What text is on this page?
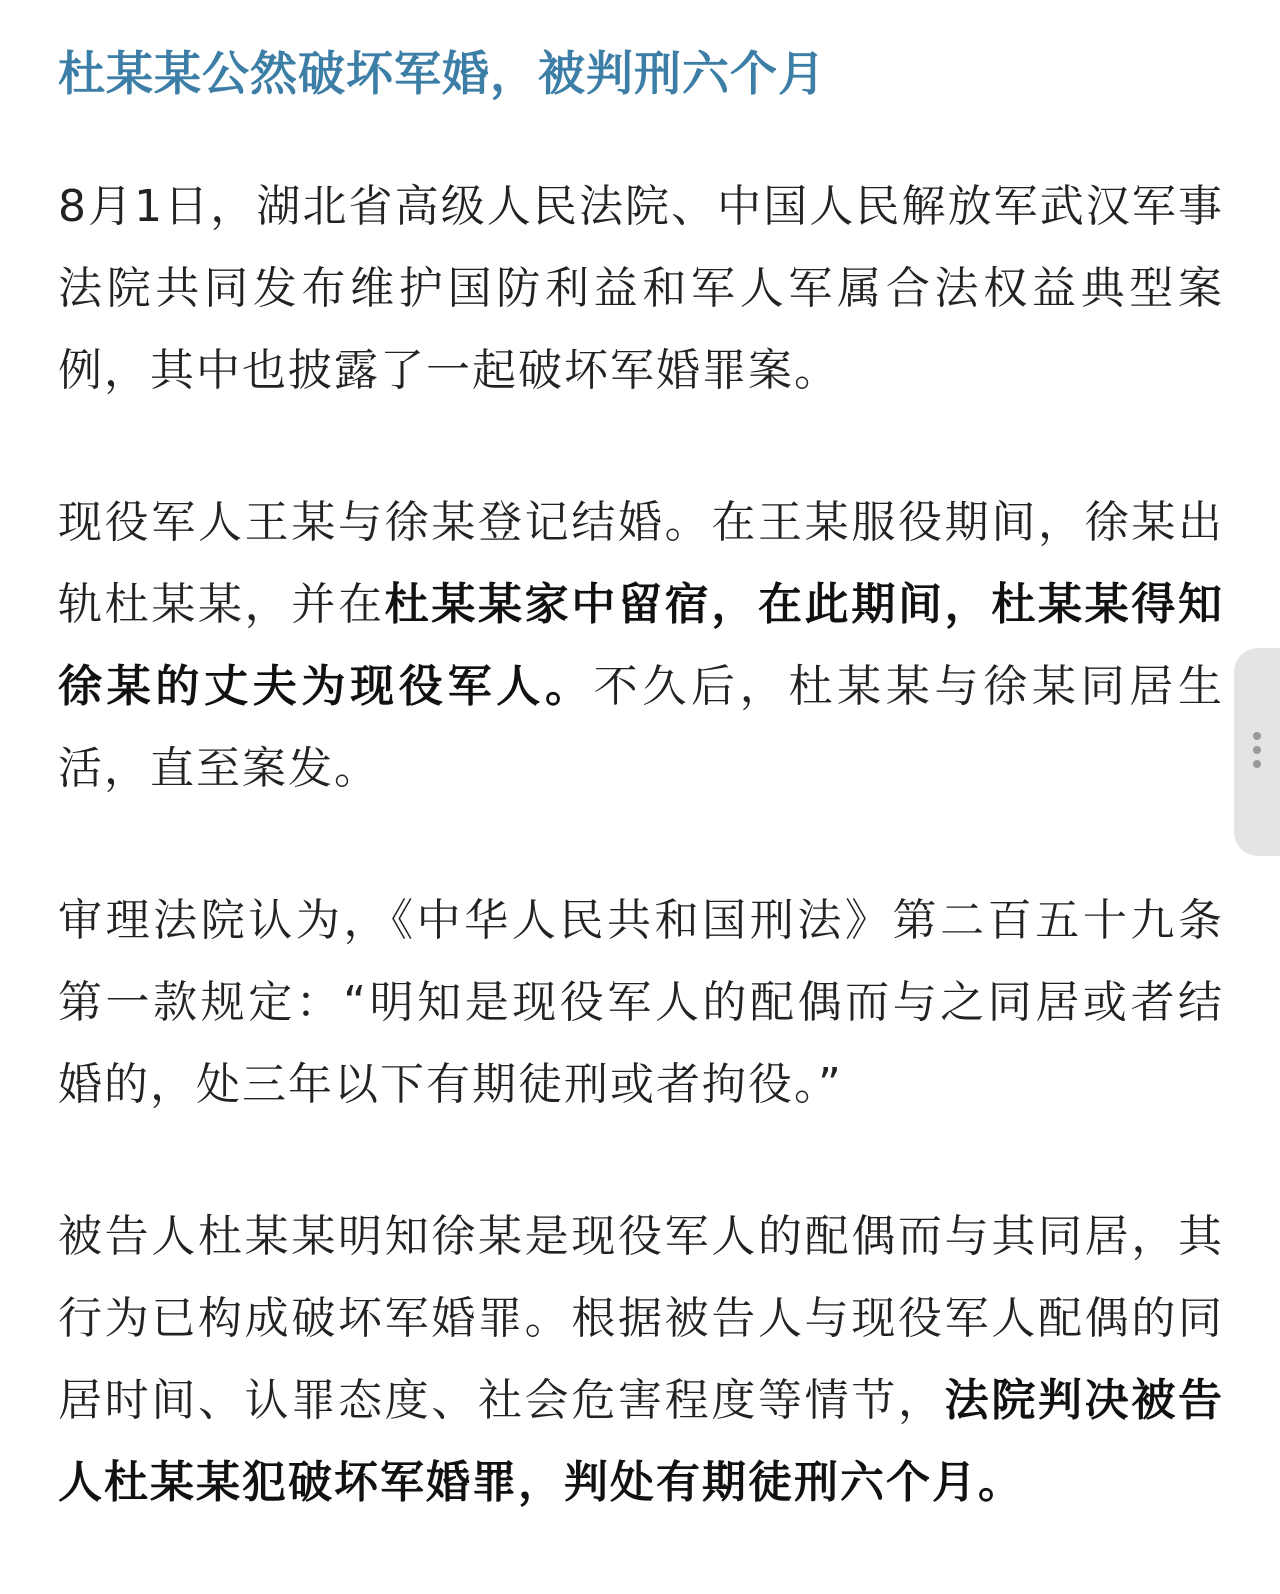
杜某某公然破坏军婚，被判刑六个月
8月1日，湖北省高级人民法院、中国人民解放军武汉军事法院共同发布维护国防利益和军人军属合法权益典型案例，其中也披露了一起破坏军婚罪案。
现役军人王某与徐某登记结婚。在王某服役期间，徐某出轨杜某某，并在杜某某家中留宿，在此期间，杜某某得知徐某的丈夫为现役军人。不久后，杜某某与徐某同居生活，直至案发。
审理法院认为，《中华人民共和国刑法》第二百五十九条第一款规定：“明知是现役军人的配偶而与之同居或者结婚的，处三年以下有期徒刑或者拘役。”
被告人杜某某明知徐某是现役军人的配偶而与其同居，其行为已构成破坏军婚罪。根据被告人与现役军人配偶的同居时间、认罪态度、社会危害程度等情节，法院判决被告人杜某某犯破坏军婚罪，判处有期徒刑六个月。
